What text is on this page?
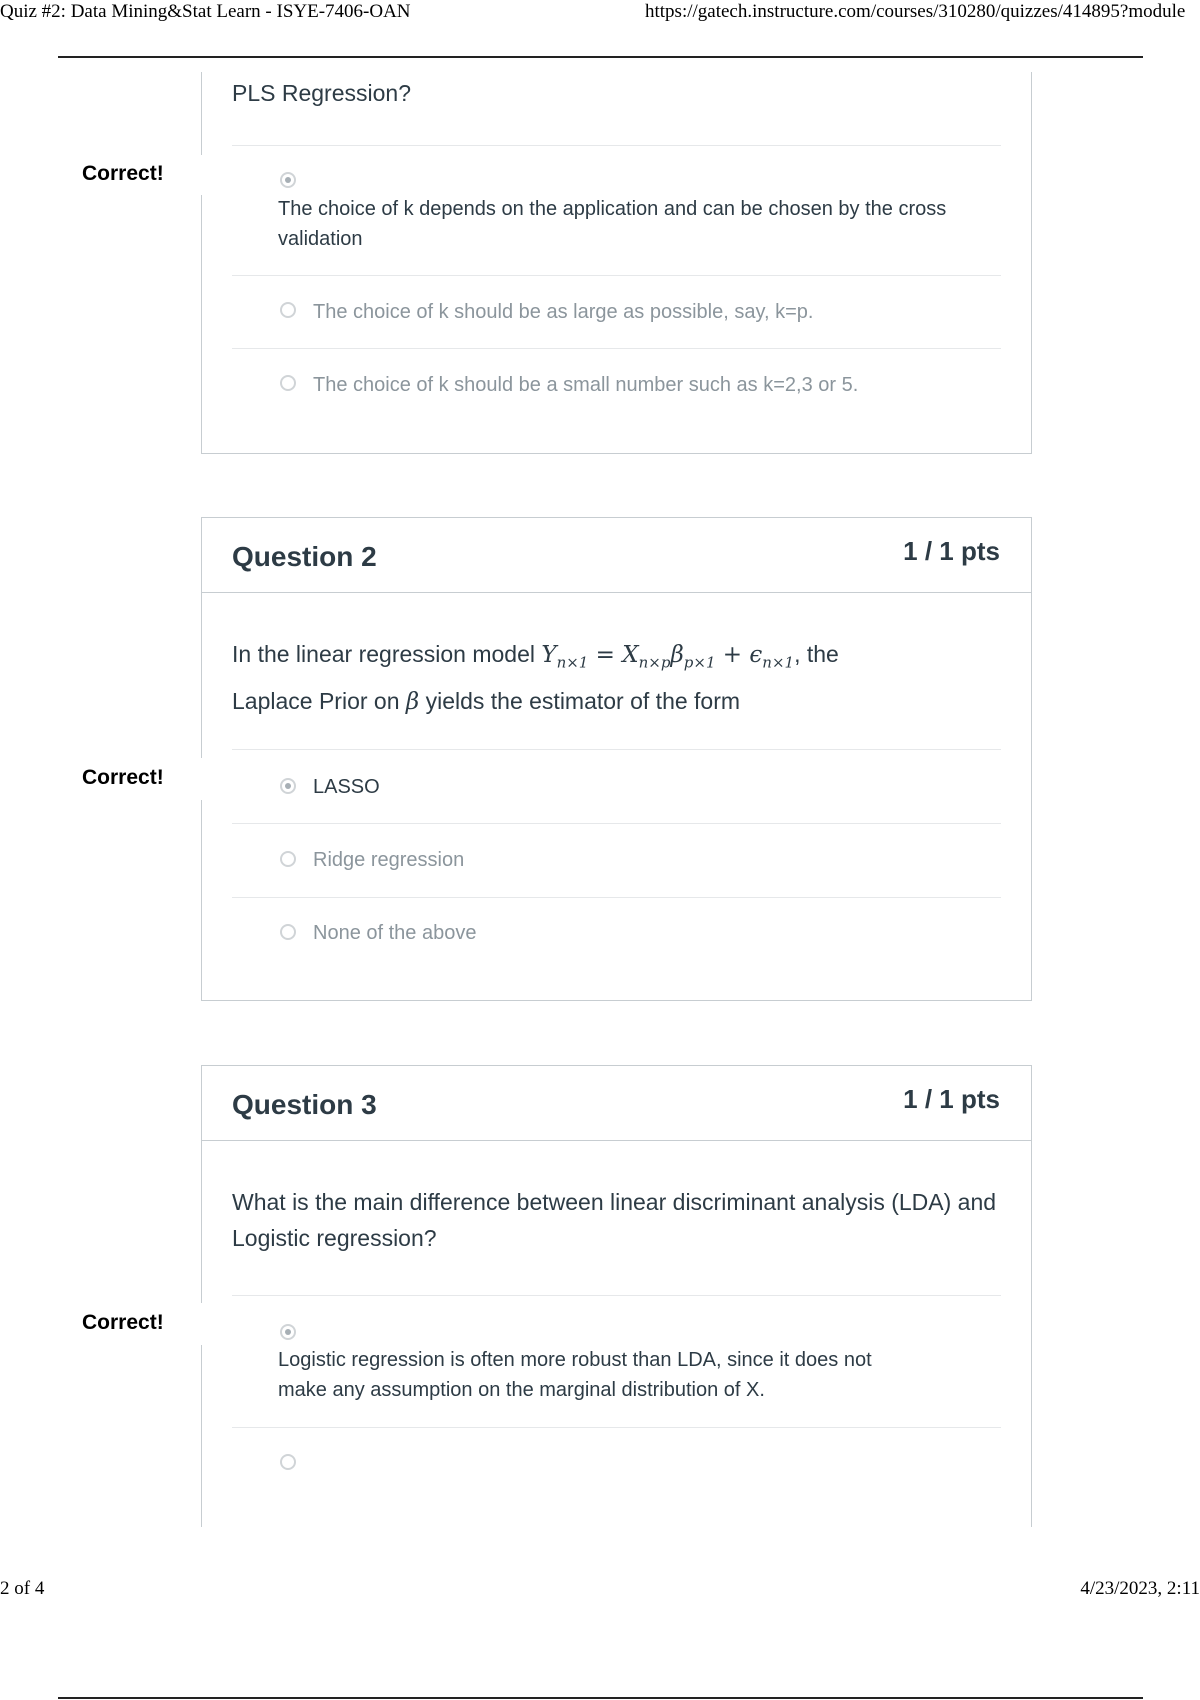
Quiz #2: Data Mining&Stat Learn - ISYE-7406-OAN	https://gatech.instructure.com/courses/310280/quizzes/414895?module
PLS Regression?
The choice of k depends on the application and can be chosen by the cross validation
The choice of k should be as large as possible, say, k=p.
The choice of k should be a small number such as k=2,3 or 5.
Correct!
Question 2	1 / 1 pts
In the linear regression model $Y_{n\times 1} = X_{n\times p}\beta_{p\times 1} + \epsilon_{n\times 1}$, the
Laplace Prior on β yields the estimator of the form
LASSO
Ridge regression
None of the above
Correct!
Question 3	1 / 1 pts
What is the main difference between linear discriminant analysis (LDA) and Logistic regression?
Logistic regression is often more robust than LDA, since it does not make any assumption on the marginal distribution of X.
Correct!
2 of 4	4/23/2023, 2:11
